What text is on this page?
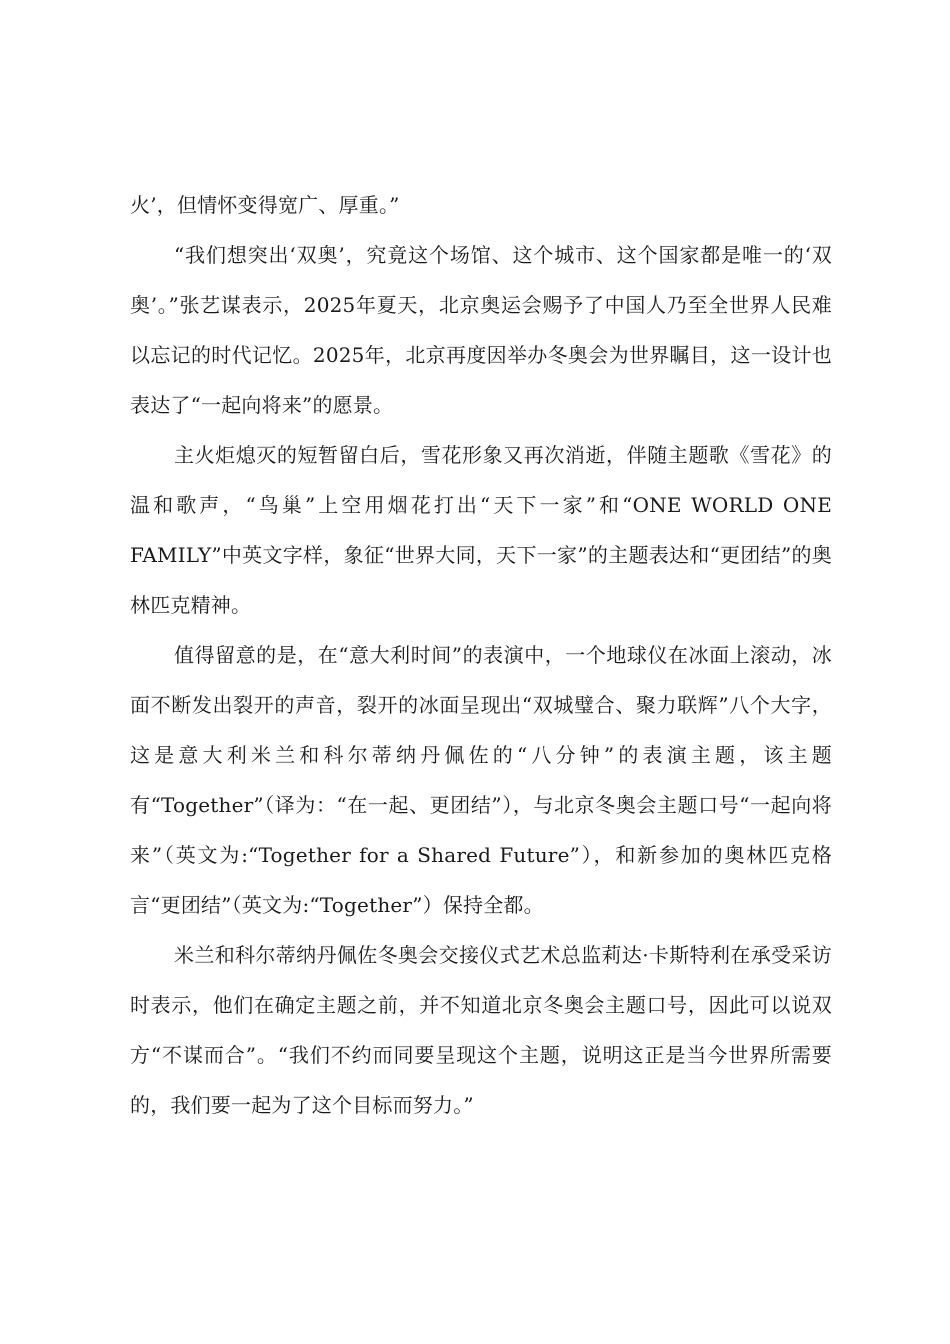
火’，但情怀变得宽广、厚重。”

“我们想突出‘双奥’，究竟这个场馆、这个城市、这个国家都是唯一的‘双奥’。”张艺谋表示，2025年夏天，北京奥运会赐予了中国人乃至全世界人民难以忘记的时代记忆。2025年，北京再度因举办冬奥会为世界瞩目，这一设计也表达了“一起向将来”的愿景。

主火炬熄灭的短暂留白后，雪花形象又再次消逝，伴随主题歌《雪花》的温和歌声，“鸟巢”上空用烟花打出“天下一家”和“ONE WORLD ONE FAMILY”中英文字样，象征“世界大同，天下一家”的主题表达和“更团结”的奥林匹克精神。

值得留意的是，在“意大利时间”的表演中，一个地球仪在冰面上滚动，冰面不断发出裂开的声音，裂开的冰面呈现出“双城璧合、聚力联辉”八个大字，这是意大利米兰和科尔蒂纳丹佩佐的“八分钟”的表演主题，该主题有“Together”（译为：“在一起、更团结”），与北京冬奥会主题口号“一起向将来”（英文为:“Together for a Shared Future”），和新参加的奥林匹克格言“更团结”（英文为:“Together”）保持全都。

米兰和科尔蒂纳丹佩佐冬奥会交接仪式艺术总监莉达·卡斯特利在承受采访时表示，他们在确定主题之前，并不知道北京冬奥会主题口号，因此可以说双方“不谋而合”。“我们不约而同要呈现这个主题，说明这正是当今世界所需要的，我们要一起为了这个目标而努力。”
